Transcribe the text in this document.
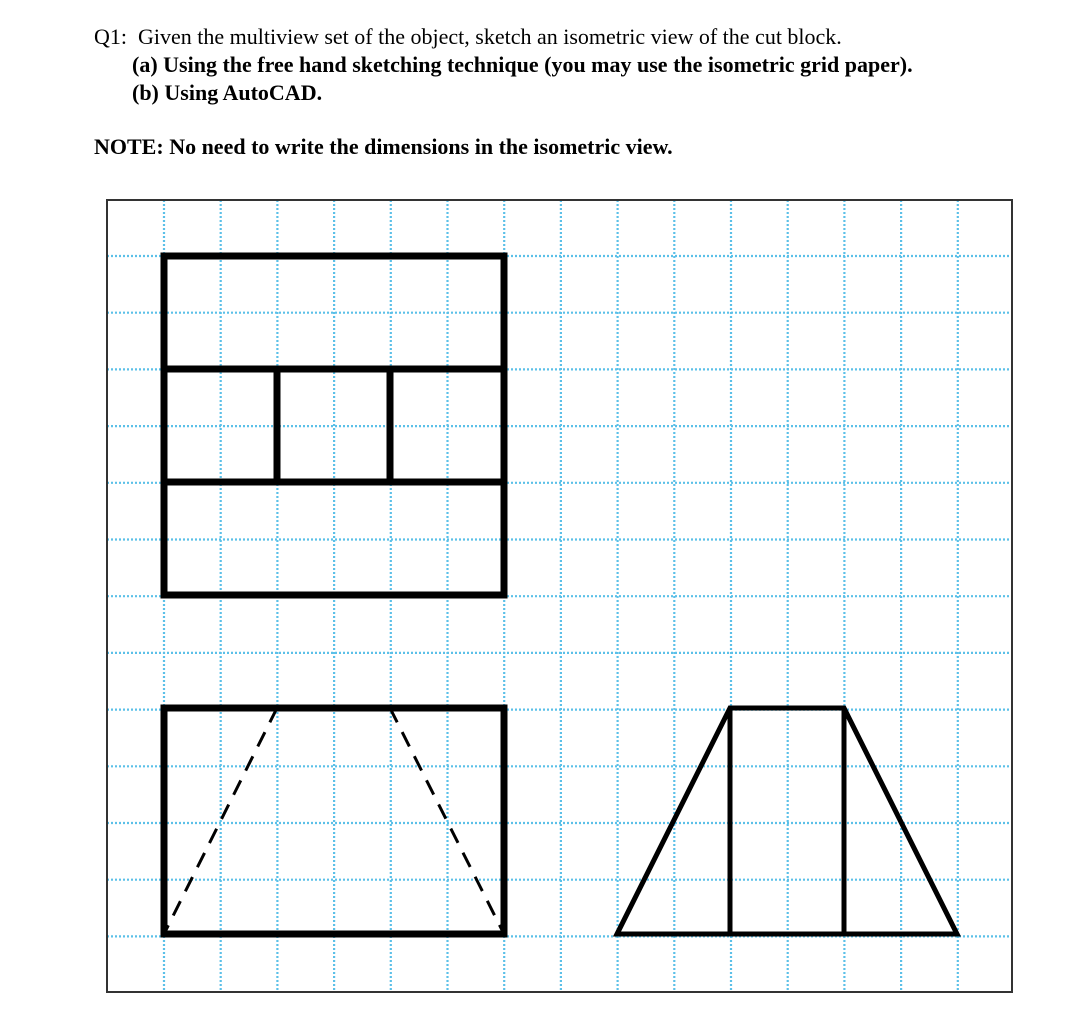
Q1: Given the multiview set of the object, sketch an isometric view of the cut block.
(a) Using the free hand sketching technique (you may use the isometric grid paper).
(b) Using AutoCAD.
NOTE: No need to write the dimensions in the isometric view.
